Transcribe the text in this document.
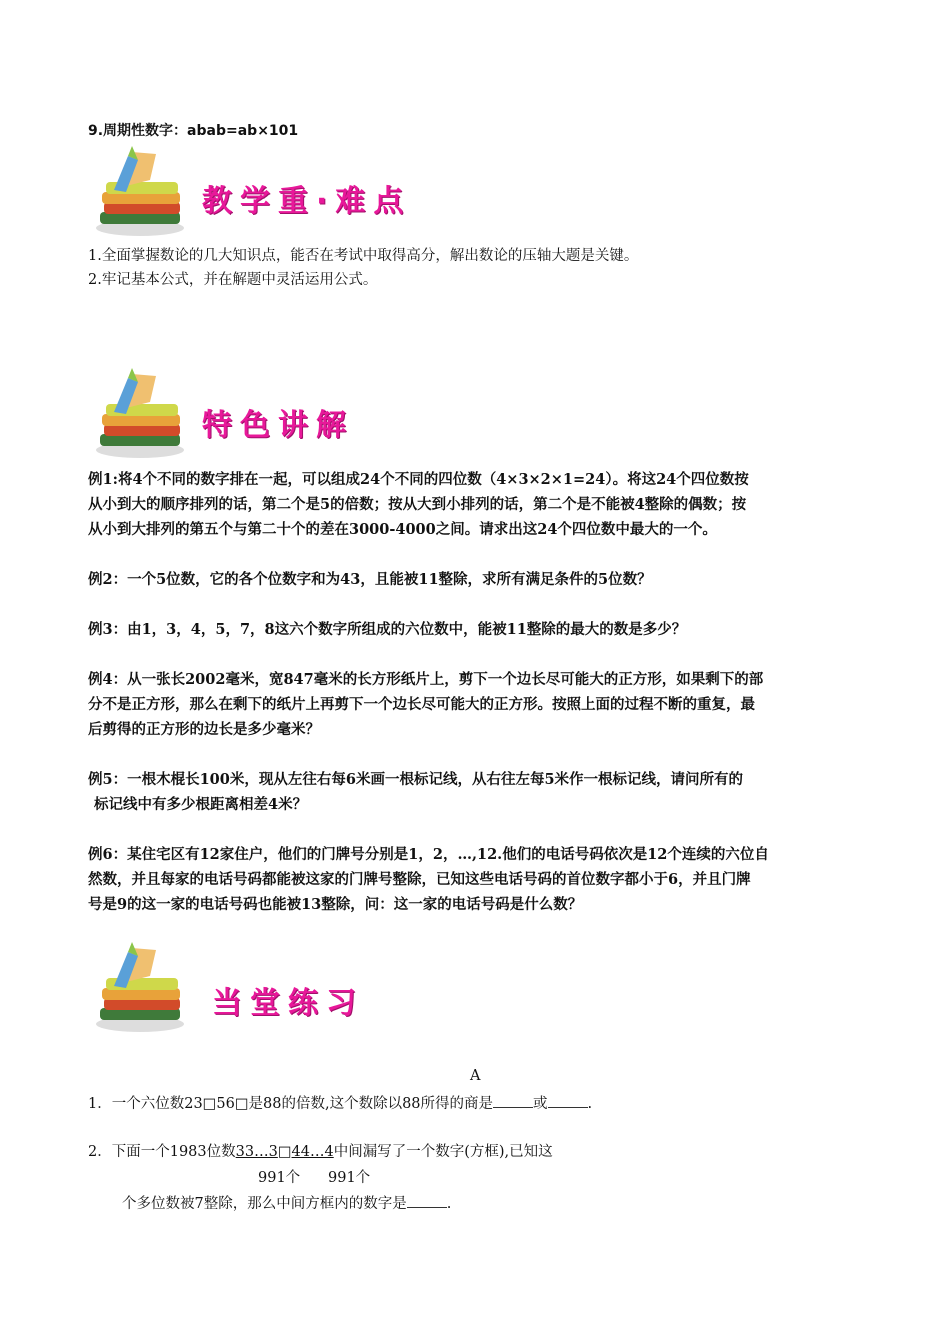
9.周期性数字：abab=ab×101
教学重·难点
1.全面掌握数论的几大知识点，能否在考试中取得高分，解出数论的压轴大题是关键。
2.牢记基本公式，并在解题中灵活运用公式。
特色讲解
例1:将4个不同的数字排在一起，可以组成24个不同的四位数（4×3×2×1=24）。将这24个四位数按
从小到大的顺序排列的话，第二个是5的倍数；按从大到小排列的话，第二个是不能被4整除的偶数；按
从小到大排列的第五个与第二十个的差在3000-4000之间。请求出这24个四位数中最大的一个。
例2：一个5位数，它的各个位数字和为43，且能被11整除，求所有满足条件的5位数？
例3：由1，3，4，5，7，8这六个数字所组成的六位数中，能被11整除的最大的数是多少？
例4：从一张长2002毫米，宽847毫米的长方形纸片上，剪下一个边长尽可能大的正方形，如果剩下的部
分不是正方形，那么在剩下的纸片上再剪下一个边长尽可能大的正方形。按照上面的过程不断的重复，最
后剪得的正方形的边长是多少毫米？
例5：一根木棍长100米，现从左往右每6米画一根标记线，从右往左每5米作一根标记线，请问所有的
标记线中有多少根距离相差4米？
例6：某住宅区有12家住户，他们的门牌号分别是1，2，…,12.他们的电话号码依次是12个连续的六位自
然数，并且每家的电话号码都能被这家的门牌号整除，已知这些电话号码的首位数字都小于6，并且门牌
号是9的这一家的电话号码也能被13整除，问：这一家的电话号码是什么数？
当堂练习
A
1．一个六位数23□56□是88的倍数,这个数除以88所得的商是	或	.
2．下面一个1983位数33…3□44…4中间漏写了一个数字(方框),已知这
991个 991个
个多位数被7整除，那么中间方框内的数字是	.
